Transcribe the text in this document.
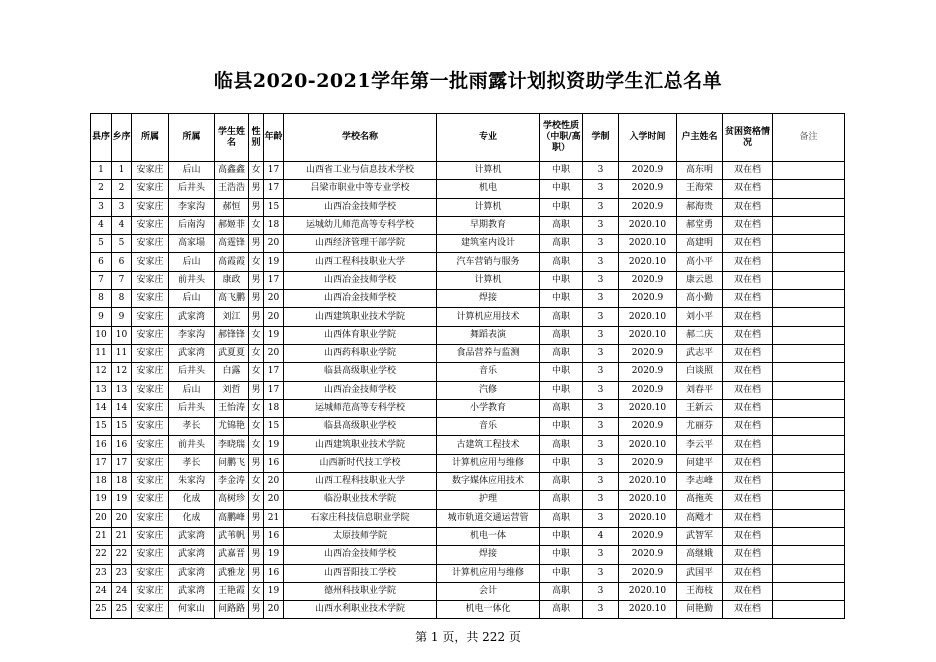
临县2020-2021学年第一批雨露计划拟资助学生汇总名单
县序	乡序	所属	所属	学生姓名	性别	年龄	学校名称	专业	学校性质（中职/高职）	学制	入学时间	户主姓名	贫困资格情况	备注
1	1	安家庄	后山	高鑫鑫	女	17	山西省工业与信息技术学校	计算机	中职	3	2020.9	高东明	双在档	
2	2	安家庄	后井头	王浩浩	男	17	吕梁市职业中等专业学校	机电	中职	3	2020.9	王海荣	双在档	
3	3	安家庄	李家沟	郝恒	男	15	山西冶金技师学校	计算机	中职	3	2020.9	郝海贵	双在档	
4	4	安家庄	后南沟	郝姬菲	女	18	运城幼儿师范高等专科学校	早期教育	高职	3	2020.10	郝堂勇	双在档	
5	5	安家庄	高家塌	高霆锋	男	20	山西经济管理干部学院	建筑室内设计	高职	3	2020.10	高建明	双在档	
6	6	安家庄	后山	高霞霞	女	19	山西工程科技职业大学	汽车营销与服务	高职	3	2020.10	高小平	双在档	
7	7	安家庄	前井头	康政	男	17	山西冶金技师学校	计算机	中职	3	2020.9	康云恩	双在档	
8	8	安家庄	后山	高飞鹏	男	20	山西冶金技师学校	焊接	中职	3	2020.9	高小勤	双在档	
9	9	安家庄	武家湾	刘江	男	20	山西建筑职业技术学院	计算机应用技术	高职	3	2020.10	刘小平	双在档	
10	10	安家庄	李家沟	郝锋锋	女	19	山西体育职业学院	舞蹈表演	高职	3	2020.10	郝二庆	双在档	
11	11	安家庄	武家湾	武夏夏	女	20	山西药科职业学院	食品营养与监测	高职	3	2020.9	武志平	双在档	
12	12	安家庄	后井头	白露	女	17	临县高级职业学校	音乐	中职	3	2020.9	白谈照	双在档	
13	13	安家庄	后山	刘哲	男	17	山西冶金技师学校	汽修	中职	3	2020.9	刘春平	双在档	
14	14	安家庄	后井头	王怡涛	女	18	运城师范高等专科学校	小学教育	高职	3	2020.10	王新云	双在档	
15	15	安家庄	孝长	尤锦艳	女	15	临县高级职业学校	音乐	中职	3	2020.9	尤丽芬	双在档	
16	16	安家庄	前井头	李晓瑞	女	19	山西建筑职业技术学院	古建筑工程技术	高职	3	2020.10	李云平	双在档	
17	17	安家庄	孝长	问鹏飞	男	16	山西新时代技工学校	计算机应用与维修	中职	3	2020.9	问建平	双在档	
18	18	安家庄	朱家沟	李金涛	女	20	山西工程科技职业大学	数字媒体应用技术	高职	3	2020.10	李志峰	双在档	
19	19	安家庄	化成	高树珍	女	20	临汾职业技术学院	护理	高职	3	2020.10	高拖英	双在档	
20	20	安家庄	化成	高鹏峰	男	21	石家庄科技信息职业学院	城市轨道交通运营管	高职	3	2020.10	高飏才	双在档	
21	21	安家庄	武家湾	武苇帆	男	16	太原技师学院	机电一体	中职	4	2020.9	武智军	双在档	
22	22	安家庄	武家湾	武嘉晋	男	19	山西冶金技师学校	焊接	中职	3	2020.9	高继娥	双在档	
23	23	安家庄	武家湾	武雅龙	男	16	山西晋阳技工学校	计算机应用与维修	中职	3	2020.9	武国平	双在档	
24	24	安家庄	武家湾	王艳霞	女	19	德州科技职业学院	会计	高职	3	2020.10	王海枝	双在档	
25	25	安家庄	何家山	问路路	男	20	山西水利职业技术学院	机电一体化	高职	3	2020.10	问艳勤	双在档	
第 1 页，共 222 页
